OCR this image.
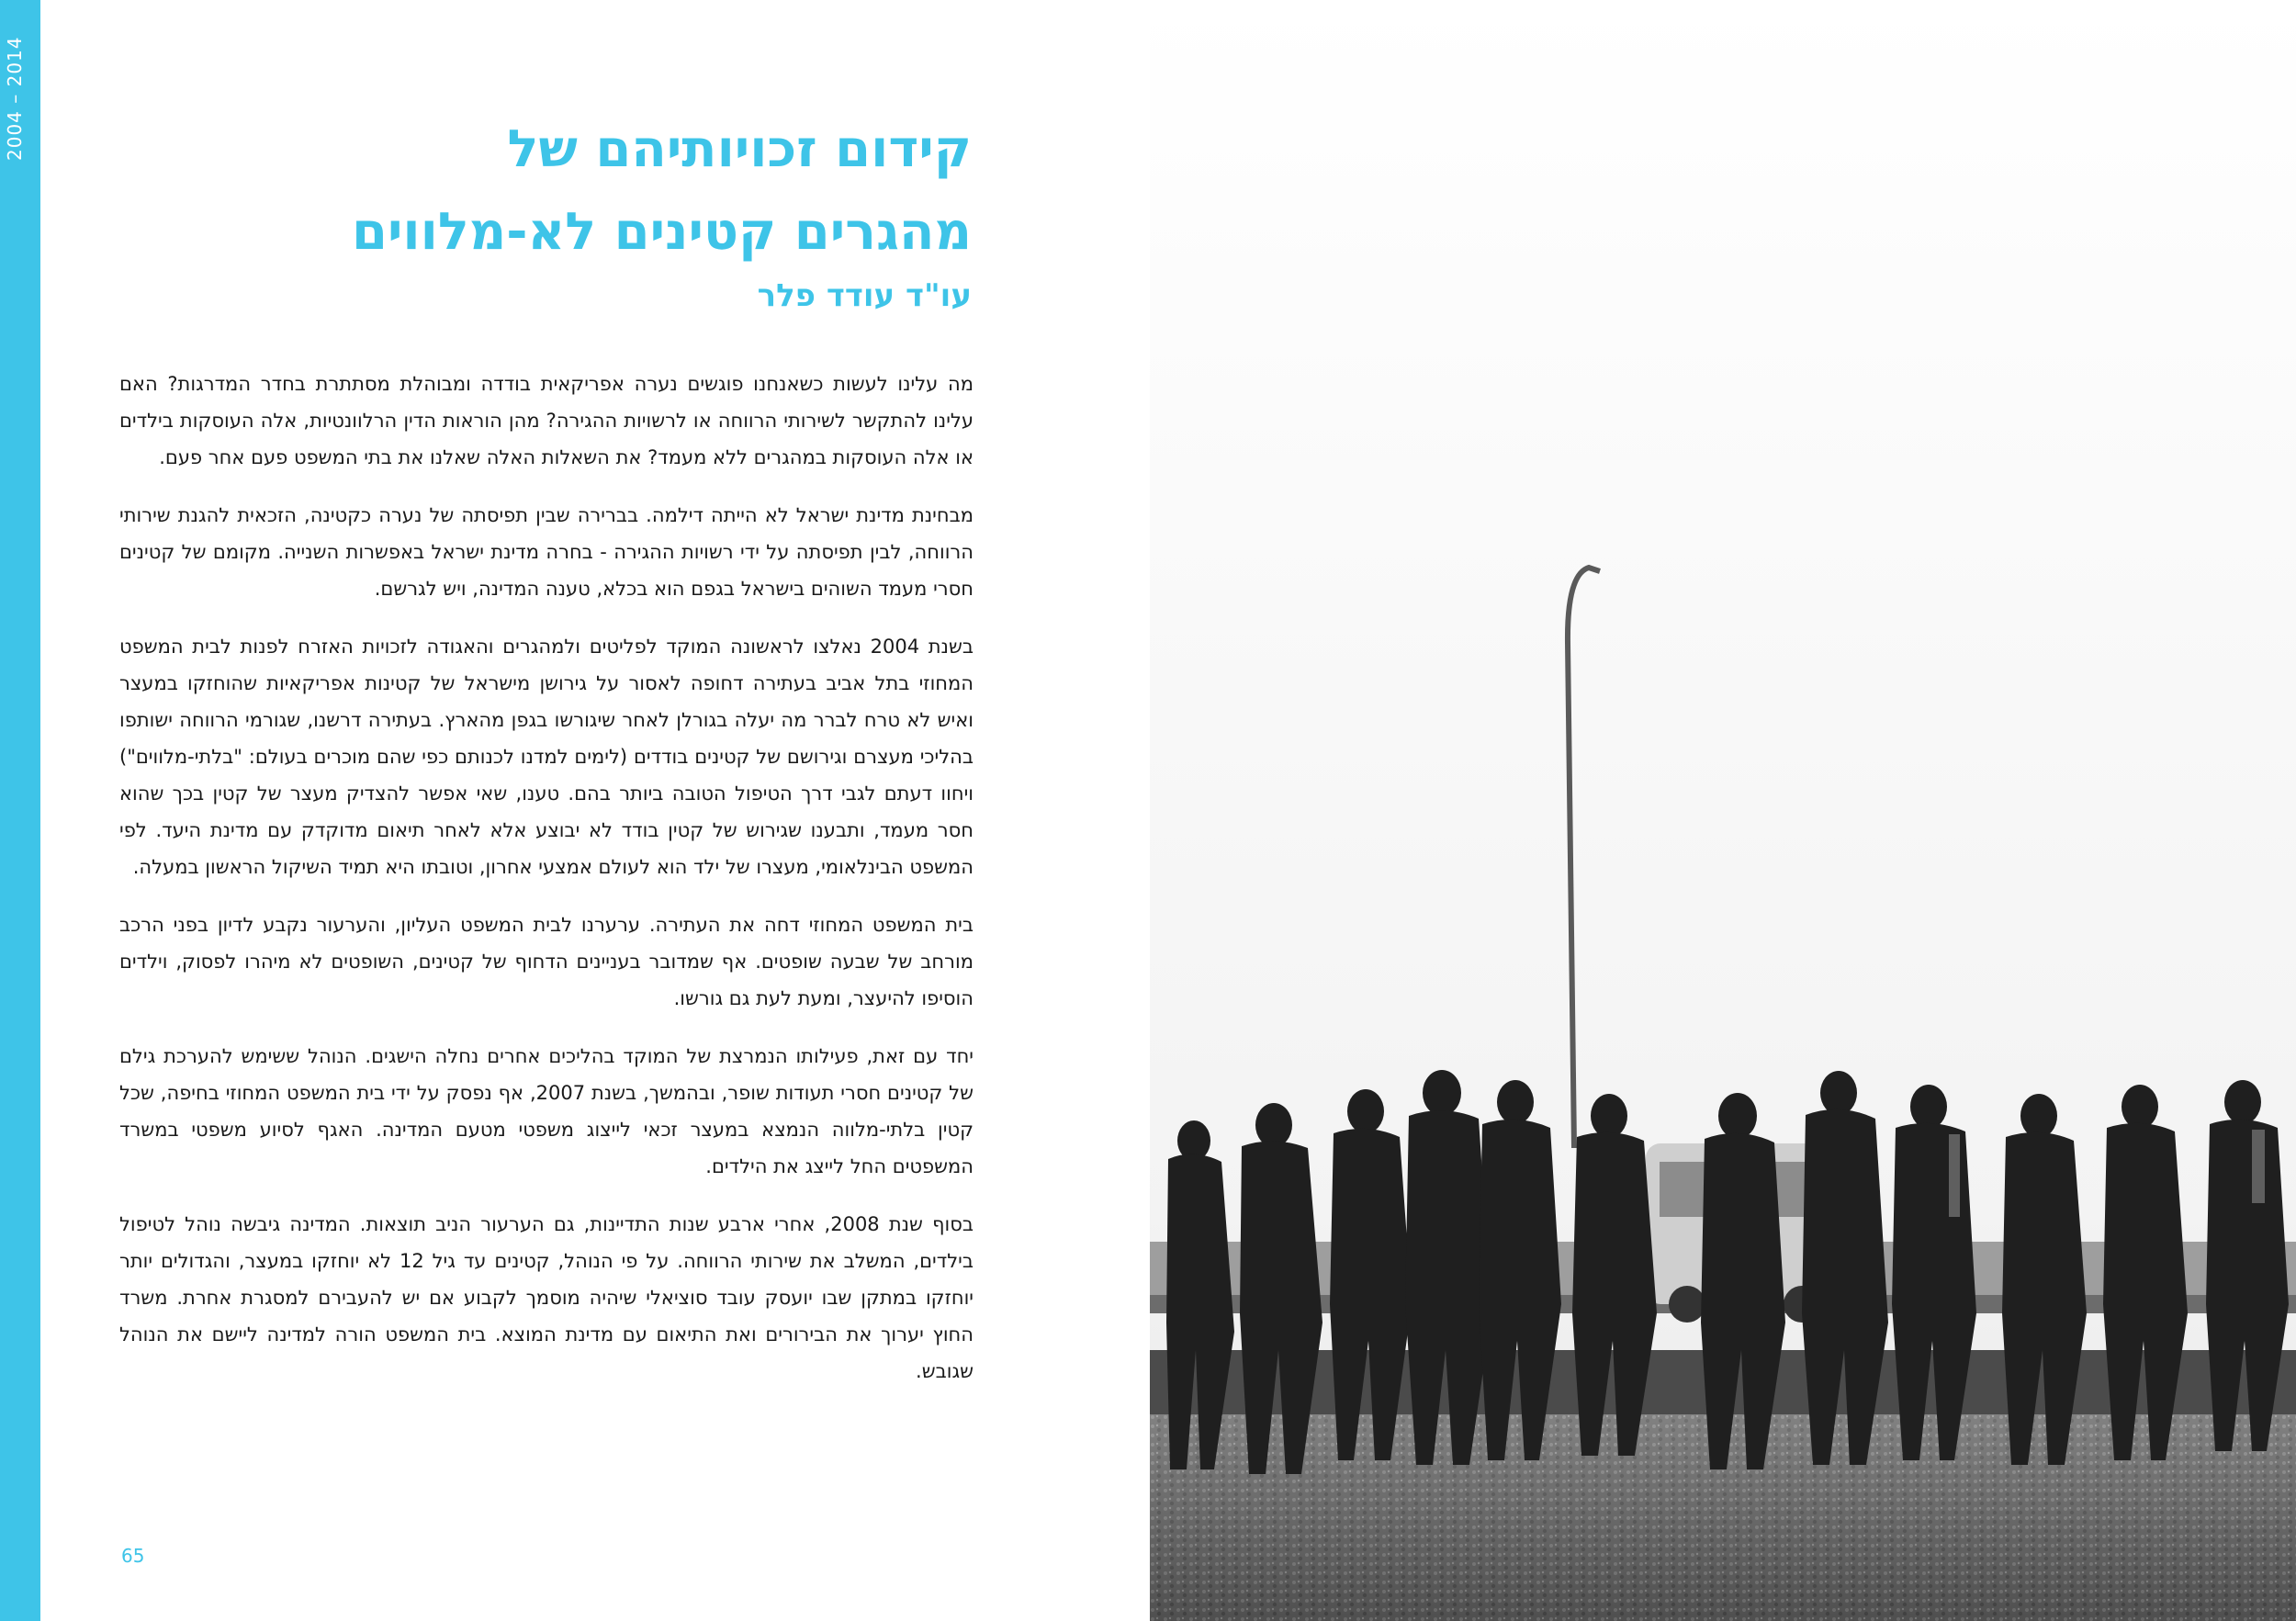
2004 – 2014	קידום זכויותיהם של
מהגרים קטינים לא-מלווים
עו"ד עודד פלר

מה עלינו לעשות כשאנחנו פוגשים נערה אפריקאית בודדה ומבוהלת מסתתרת בחדר המדרגות? האם עלינו להתקשר לשירותי הרווחה או לרשויות ההגירה? מהן הוראות הדין הרלוונטיות, אלה העוסקות בילדים או אלה העוסקות במהגרים ללא מעמד? את השאלות האלה שאלנו את בתי המשפט פעם אחר פעם.

מבחינת מדינת ישראל לא הייתה דילמה. בברירה שבין תפיסתה של נערה כקטינה, הזכאית להגנת שירותי הרווחה, לבין תפיסתה על ידי רשויות ההגירה - בחרה מדינת ישראל באפשרות השנייה. מקומם של קטינים חסרי מעמד השוהים בישראל בגפם הוא בכלא, טענה המדינה, ויש לגרשם.

בשנת 2004 נאלצו לראשונה המוקד לפליטים ולמהגרים והאגודה לזכויות האזרח לפנות לבית המשפט המחוזי בתל אביב בעתירה דחופה לאסור על גירושן מישראל של קטינות אפריקאיות שהוחזקו במעצר ואיש לא טרח לברר מה יעלה בגורלן לאחר שיגורשו בגפן מהארץ. בעתירה דרשנו, שגורמי הרווחה ישותפו בהליכי מעצרם וגירושם של קטינים בודדים (לימים למדנו לכנותם כפי שהם מוכרים בעולם: "בלתי-מלווים") ויחוו דעתם לגבי דרך הטיפול הטובה ביותר בהם. טענו, שאי אפשר להצדיק מעצר של קטין בכך שהוא חסר מעמד, ותבענו שגירוש של קטין בודד לא יבוצע אלא לאחר תיאום מדוקדק עם מדינת היעד. לפי המשפט הבינלאומי, מעצרו של ילד הוא לעולם אמצעי אחרון, וטובתו היא תמיד השיקול הראשון במעלה.

בית המשפט המחוזי דחה את העתירה. ערערנו לבית המשפט העליון, והערעור נקבע לדיון בפני הרכב מורחב של שבעה שופטים. אף שמדובר בעניינים הדחוף של קטינים, השופטים לא מיהרו לפסוק, וילדים הוסיפו להיעצר, ומעת לעת גם גורשו.

יחד עם זאת, פעילותו הנמרצת של המוקד בהליכים אחרים נחלה הישגים. הנוהל ששימש להערכת גילם של קטינים חסרי תעודות שופר, ובהמשך, בשנת 2007, אף נפסק על ידי בית המשפט המחוזי בחיפה, שכל קטין בלתי-מלווה הנמצא במעצר זכאי לייצוג משפטי מטעם המדינה. האגף לסיוע משפטי במשרד המשפטים החל לייצג את הילדים.

בסוף שנת 2008, אחרי ארבע שנות התדיינות, גם הערעור הניב תוצאות. המדינה גיבשה נוהל לטיפול בילדים, המשלב את שירותי הרווחה. על פי הנוהל, קטינים עד גיל 12 לא יוחזקו במעצר, והגדולים יותר יוחזקו במתקן שבו יועסק עובד סוציאלי שיהיה מוסמך לקבוע אם יש להעבירם למסגרת אחרת. משרד החוץ יערוך את הבירורים ואת התיאום עם מדינת המוצא. בית המשפט הורה למדינה ליישם את הנוהל שגובש.

65
